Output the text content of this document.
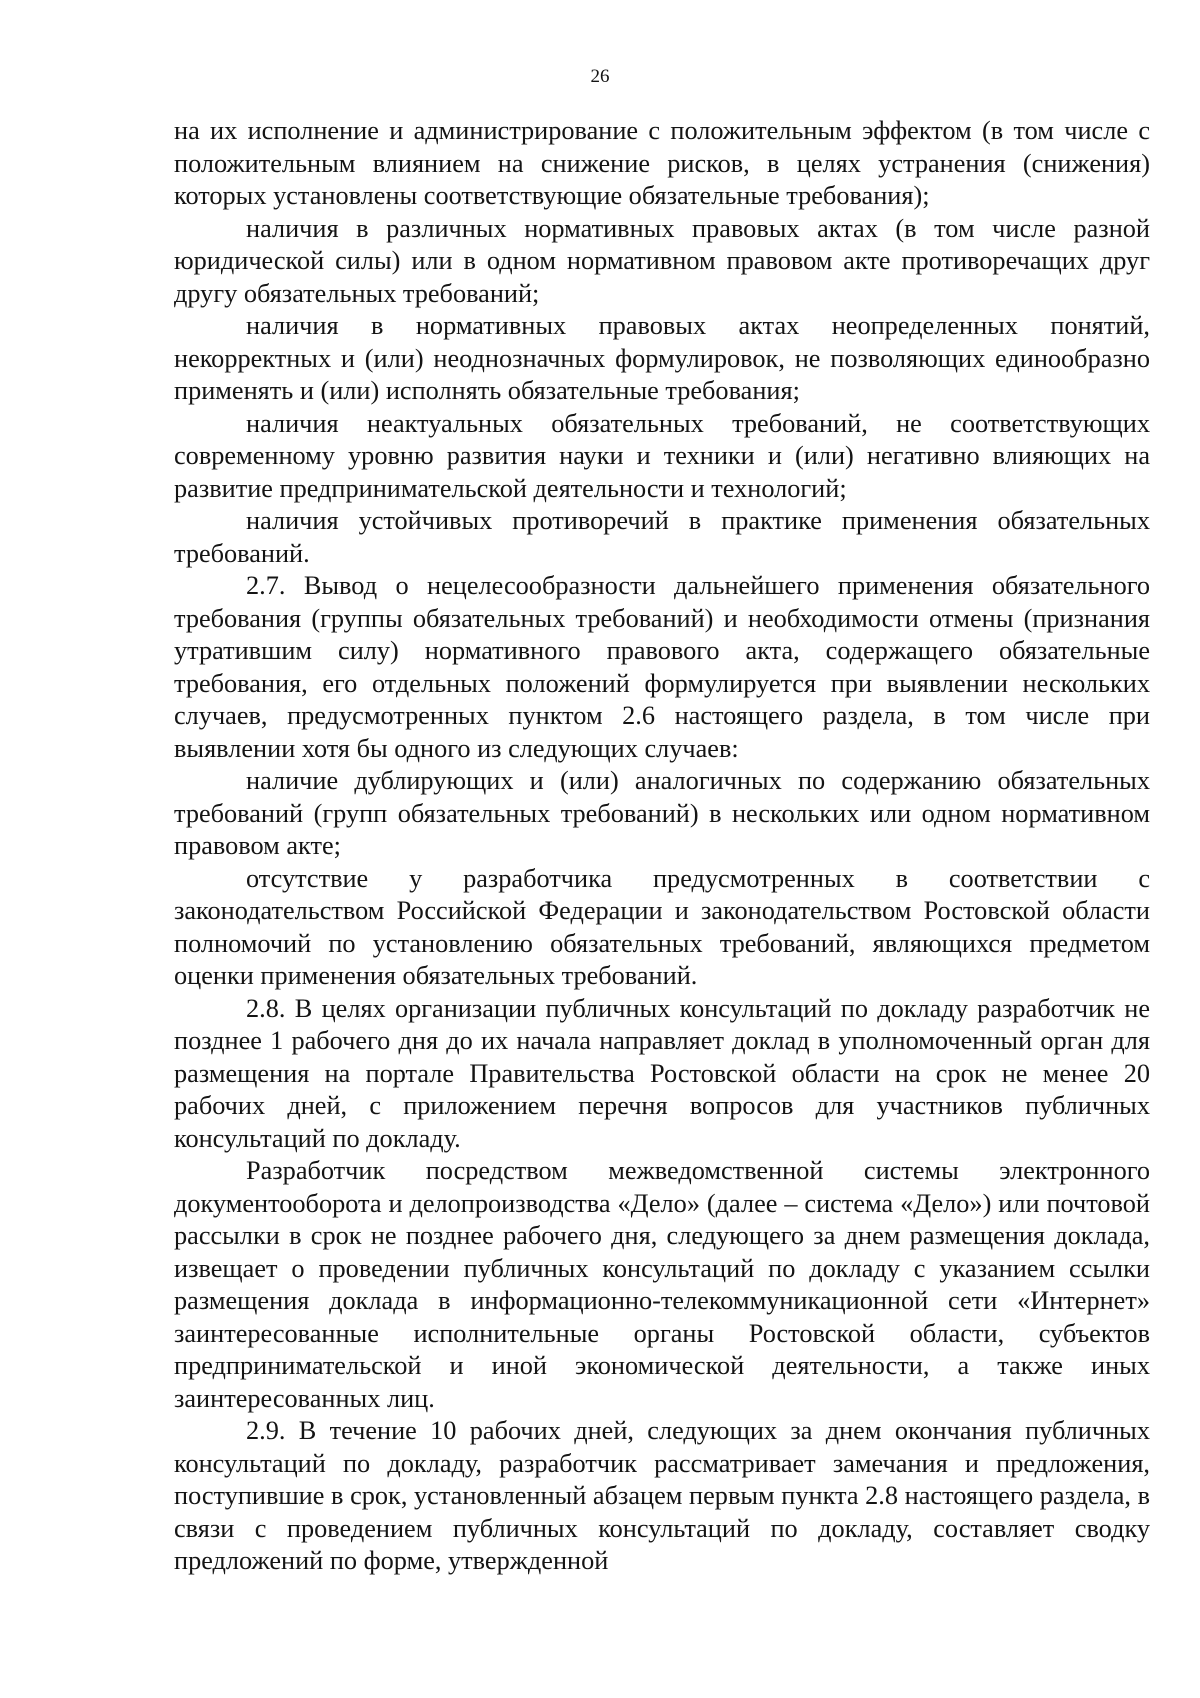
26

на их исполнение и администрирование с положительным эффектом (в том числе с положительным влиянием на снижение рисков, в целях устранения (снижения) которых установлены соответствующие обязательные требования);

наличия в различных нормативных правовых актах (в том числе разной юридической силы) или в одном нормативном правовом акте противоречащих друг другу обязательных требований;

наличия в нормативных правовых актах неопределенных понятий, некорректных и (или) неоднозначных формулировок, не позволяющих единообразно применять и (или) исполнять обязательные требования;

наличия неактуальных обязательных требований, не соответствующих современному уровню развития науки и техники и (или) негативно влияющих на развитие предпринимательской деятельности и технологий;

наличия устойчивых противоречий в практике применения обязательных требований.

2.7. Вывод о нецелесообразности дальнейшего применения обязательного требования (группы обязательных требований) и необходимости отмены (признания утратившим силу) нормативного правового акта, содержащего обязательные требования, его отдельных положений формулируется при выявлении нескольких случаев, предусмотренных пунктом 2.6 настоящего раздела, в том числе при выявлении хотя бы одного из следующих случаев:

наличие дублирующих и (или) аналогичных по содержанию обязательных требований (групп обязательных требований) в нескольких или одном нормативном правовом акте;

отсутствие у разработчика предусмотренных в соответствии с законодательством Российской Федерации и законодательством Ростовской области полномочий по установлению обязательных требований, являющихся предметом оценки применения обязательных требований.

2.8. В целях организации публичных консультаций по докладу разработчик не позднее 1 рабочего дня до их начала направляет доклад в уполномоченный орган для размещения на портале Правительства Ростовской области на срок не менее 20 рабочих дней, с приложением перечня вопросов для участников публичных консультаций по докладу.

Разработчик посредством межведомственной системы электронного документооборота и делопроизводства «Дело» (далее – система «Дело») или почтовой рассылки в срок не позднее рабочего дня, следующего за днем размещения доклада, извещает о проведении публичных консультаций по докладу с указанием ссылки размещения доклада в информационно-телекоммуникационной сети «Интернет» заинтересованные исполнительные органы Ростовской области, субъектов предпринимательской и иной экономической деятельности, а также иных заинтересованных лиц.

2.9. В течение 10 рабочих дней, следующих за днем окончания публичных консультаций по докладу, разработчик рассматривает замечания и предложения, поступившие в срок, установленный абзацем первым пункта 2.8 настоящего раздела, в связи с проведением публичных консультаций по докладу, составляет сводку предложений по форме, утвержденной
